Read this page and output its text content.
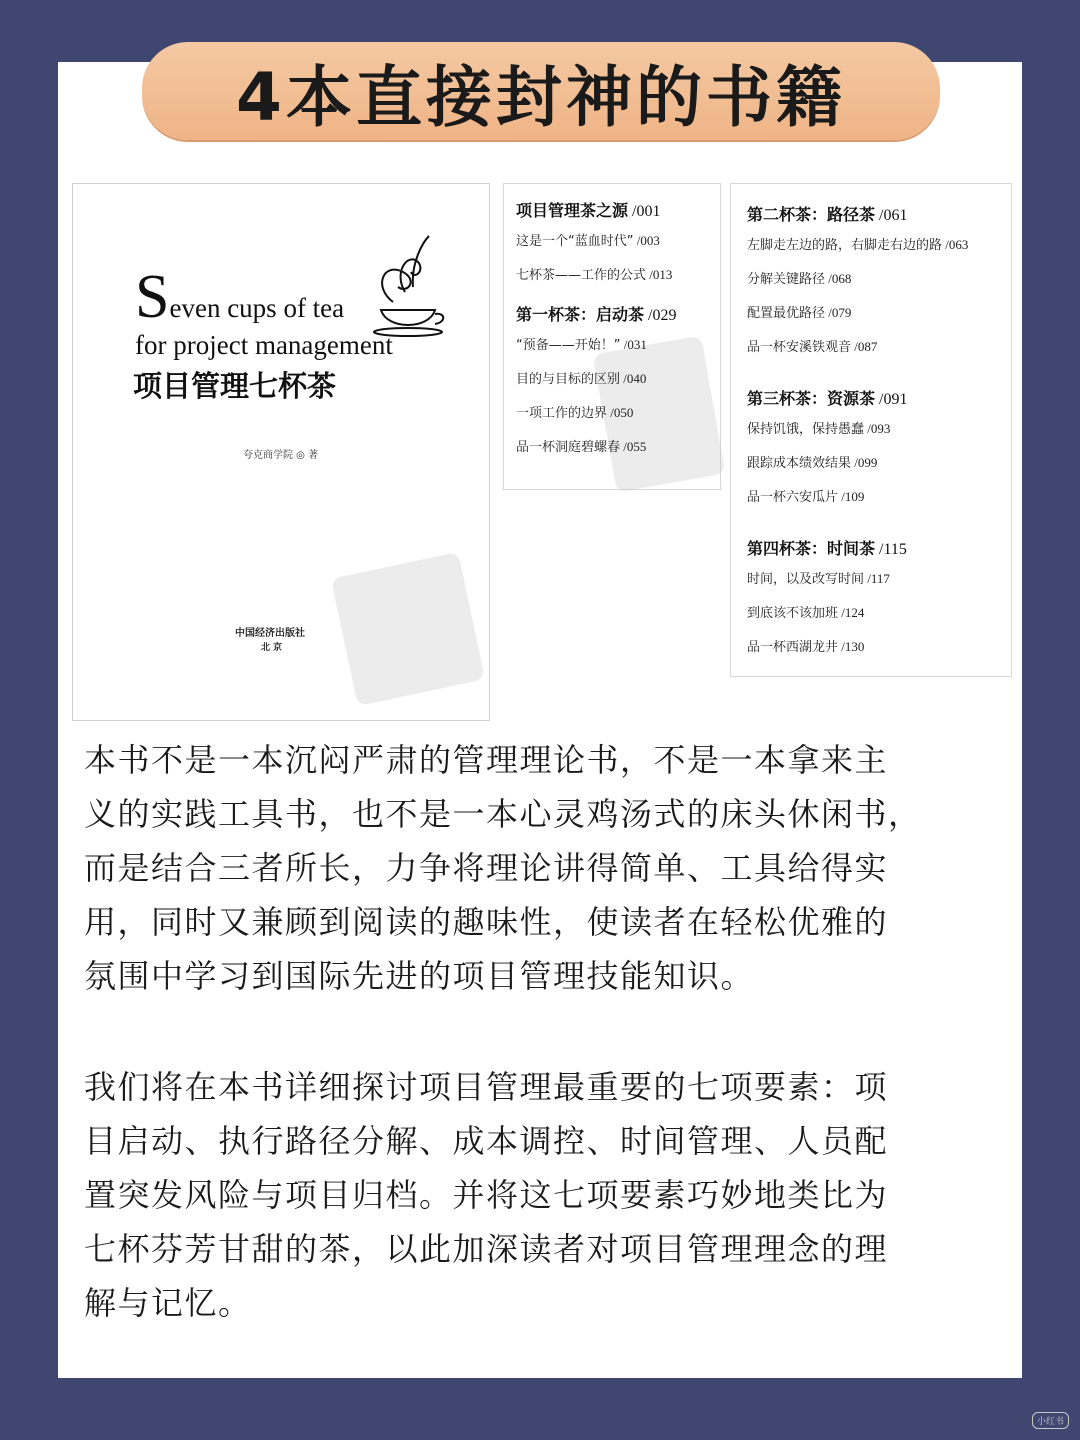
4本直接封神的书籍
Seven cups of tea
for project management
项目管理七杯茶
夸克商学院 ◎ 著
中国经济出版社
北京
项目管理茶之源 /001
这是一个“蓝血时代” /003
七杯茶——工作的公式 /013
第一杯茶：启动茶 /029
“预备——开始！” /031
目的与目标的区别 /040
一项工作的边界 /050
品一杯洞庭碧螺春 /055
第二杯茶：路径茶 /061
左脚走左边的路，右脚走右边的路 /063
分解关键路径 /068
配置最优路径 /079
品一杯安溪铁观音 /087
第三杯茶：资源茶 /091
保持饥饿，保持愚蠢 /093
跟踪成本绩效结果 /099
品一杯六安瓜片 /109
第四杯茶：时间茶 /115
时间，以及改写时间 /117
到底该不该加班 /124
品一杯西湖龙井 /130
本书不是一本沉闷严肃的管理理论书，不是一本拿来主
义的实践工具书，也不是一本心灵鸡汤式的床头休闲书，
而是结合三者所长，力争将理论讲得简单、工具给得实
用，同时又兼顾到阅读的趣味性，使读者在轻松优雅的
氛围中学习到国际先进的项目管理技能知识。
我们将在本书详细探讨项目管理最重要的七项要素：项
目启动、执行路径分解、成本调控、时间管理、人员配
置突发风险与项目归档。并将这七项要素巧妙地类比为
七杯芬芳甘甜的茶，以此加深读者对项目管理理念的理
解与记忆。
小红书
